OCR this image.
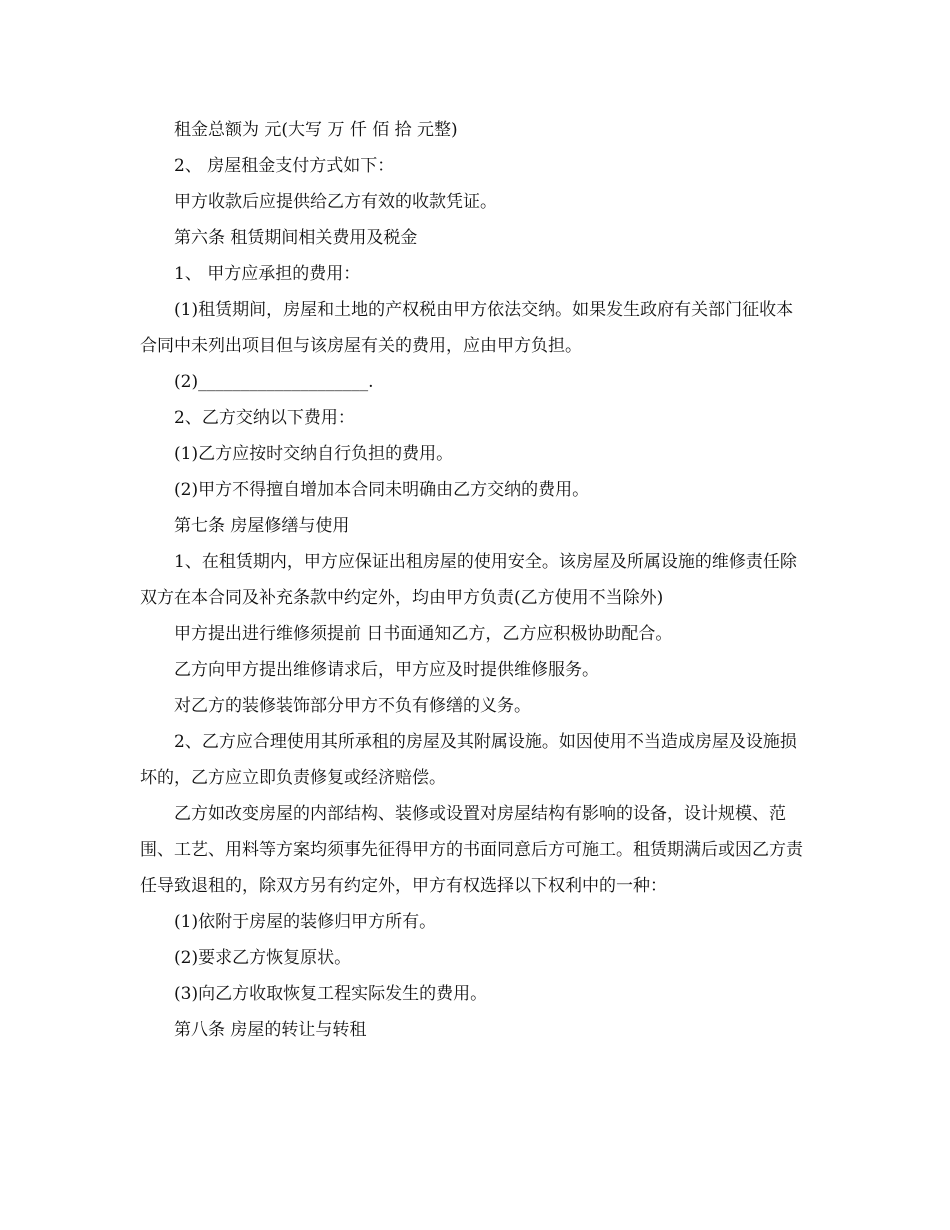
租金总额为 元(大写 万 仟 佰 拾 元整)

2、 房屋租金支付方式如下：

甲方收款后应提供给乙方有效的收款凭证。

第六条 租赁期间相关费用及税金

1、 甲方应承担的费用：

(1)租赁期间，房屋和土地的产权税由甲方依法交纳。如果发生政府有关部门征收本合同中未列出项目但与该房屋有关的费用，应由甲方负担。

(2)____________________.

2、乙方交纳以下费用：

(1)乙方应按时交纳自行负担的费用。

(2)甲方不得擅自增加本合同未明确由乙方交纳的费用。

第七条 房屋修缮与使用

1、在租赁期内，甲方应保证出租房屋的使用安全。该房屋及所属设施的维修责任除双方在本合同及补充条款中约定外，均由甲方负责(乙方使用不当除外)

甲方提出进行维修须提前 日书面通知乙方，乙方应积极协助配合。

乙方向甲方提出维修请求后，甲方应及时提供维修服务。

对乙方的装修装饰部分甲方不负有修缮的义务。

2、乙方应合理使用其所承租的房屋及其附属设施。如因使用不当造成房屋及设施损坏的，乙方应立即负责修复或经济赔偿。

乙方如改变房屋的内部结构、装修或设置对房屋结构有影响的设备，设计规模、范围、工艺、用料等方案均须事先征得甲方的书面同意后方可施工。租赁期满后或因乙方责任导致退租的，除双方另有约定外，甲方有权选择以下权利中的一种：

(1)依附于房屋的装修归甲方所有。

(2)要求乙方恢复原状。

(3)向乙方收取恢复工程实际发生的费用。

第八条 房屋的转让与转租
